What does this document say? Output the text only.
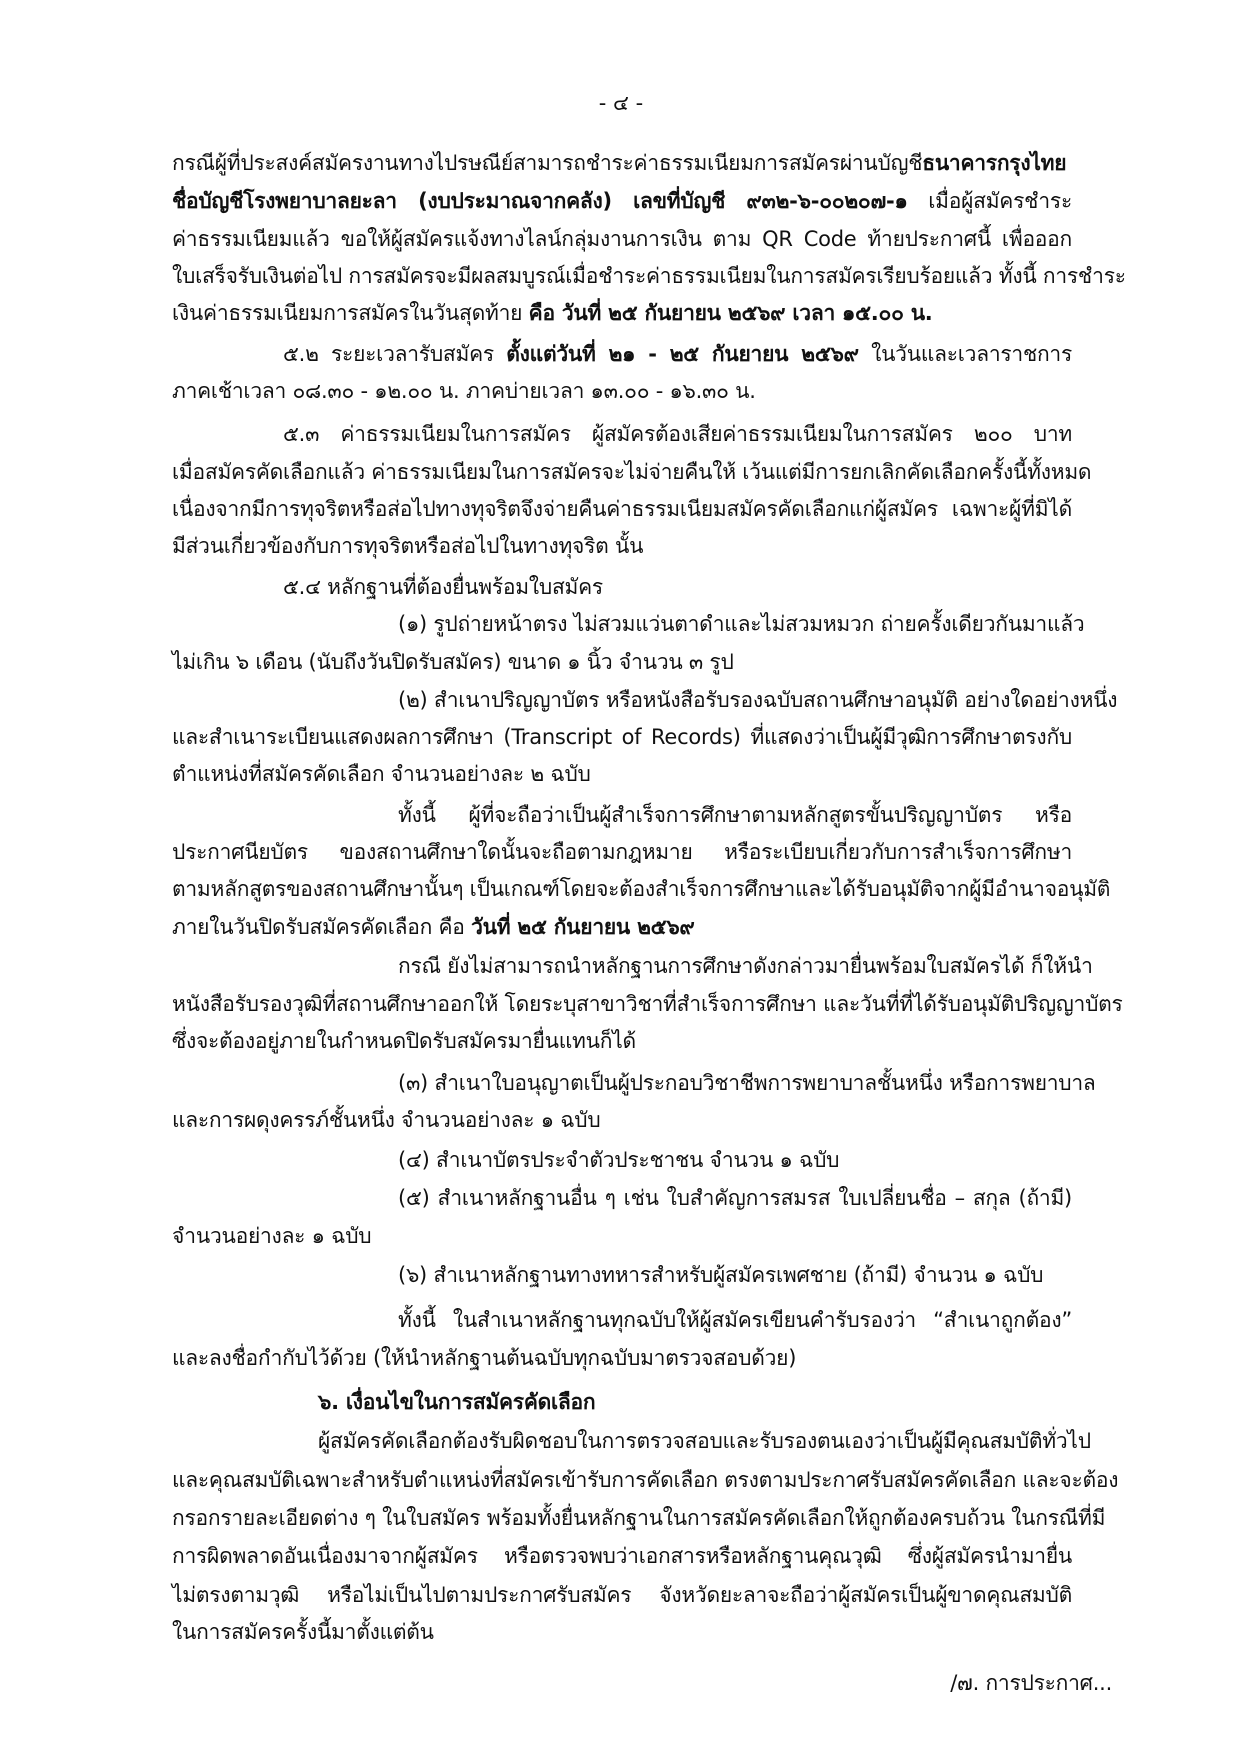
- ๔ -
กรณีผู้ที่ประสงค์สมัครงานทางไปรษณีย์สามารถชำระค่าธรรมเนียมการสมัครผ่านบัญชีธนาคารกรุงไทย
ชื่อบัญชีโรงพยาบาลยะลา (งบประมาณจากคลัง) เลขที่บัญชี ๙๓๒-๖-๐๐๒๐๗-๑ เมื่อผู้สมัครชำระ
ค่าธรรมเนียมแล้ว ขอให้ผู้สมัครแจ้งทางไลน์กลุ่มงานการเงิน ตาม QR Code ท้ายประกาศนี้ เพื่อออก
ใบเสร็จรับเงินต่อไป การสมัครจะมีผลสมบูรณ์เมื่อชำระค่าธรรมเนียมในการสมัครเรียบร้อยแล้ว ทั้งนี้ การชำระ
เงินค่าธรรมเนียมการสมัครในวันสุดท้าย คือ วันที่ ๒๕ กันยายน ๒๕๖๙ เวลา ๑๕.๐๐ น.
๕.๒ ระยะเวลารับสมัคร ตั้งแต่วันที่ ๒๑ - ๒๕ กันยายน ๒๕๖๙ ในวันและเวลาราชการ
ภาคเช้าเวลา ๐๘.๓๐ - ๑๒.๐๐ น. ภาคบ่ายเวลา ๑๓.๐๐ - ๑๖.๓๐ น.
๕.๓ ค่าธรรมเนียมในการสมัคร ผู้สมัครต้องเสียค่าธรรมเนียมในการสมัคร ๒๐๐ บาท
เมื่อสมัครคัดเลือกแล้ว ค่าธรรมเนียมในการสมัครจะไม่จ่ายคืนให้ เว้นแต่มีการยกเลิกคัดเลือกครั้งนี้ทั้งหมด
เนื่องจากมีการทุจริตหรือส่อไปทางทุจริตจึงจ่ายคืนค่าธรรมเนียมสมัครคัดเลือกแก่ผู้สมัคร เฉพาะผู้ที่มิได้
มีส่วนเกี่ยวข้องกับการทุจริตหรือส่อไปในทางทุจริต นั้น
๕.๔ หลักฐานที่ต้องยื่นพร้อมใบสมัคร
(๑) รูปถ่ายหน้าตรง ไม่สวมแว่นตาดำและไม่สวมหมวก ถ่ายครั้งเดียวกันมาแล้ว
ไม่เกิน ๖ เดือน (นับถึงวันปิดรับสมัคร) ขนาด ๑ นิ้ว จำนวน ๓ รูป
(๒) สำเนาปริญญาบัตร หรือหนังสือรับรองฉบับสถานศึกษาอนุมัติ อย่างใดอย่างหนึ่ง
และสำเนาระเบียนแสดงผลการศึกษา (Transcript of Records) ที่แสดงว่าเป็นผู้มีวุฒิการศึกษาตรงกับ
ตำแหน่งที่สมัครคัดเลือก จำนวนอย่างละ ๒ ฉบับ
ทั้งนี้ ผู้ที่จะถือว่าเป็นผู้สำเร็จการศึกษาตามหลักสูตรขั้นปริญญาบัตร หรือ
ประกาศนียบัตร ของสถานศึกษาใดนั้นจะถือตามกฎหมาย หรือระเบียบเกี่ยวกับการสำเร็จการศึกษา
ตามหลักสูตรของสถานศึกษานั้นๆ เป็นเกณฑ์โดยจะต้องสำเร็จการศึกษาและได้รับอนุมัติจากผู้มีอำนาจอนุมัติ
ภายในวันปิดรับสมัครคัดเลือก คือ วันที่ ๒๕ กันยายน ๒๕๖๙
กรณี ยังไม่สามารถนำหลักฐานการศึกษาดังกล่าวมายื่นพร้อมใบสมัครได้ ก็ให้นำ
หนังสือรับรองวุฒิที่สถานศึกษาออกให้ โดยระบุสาขาวิชาที่สำเร็จการศึกษา และวันที่ที่ได้รับอนุมัติปริญญาบัตร
ซึ่งจะต้องอยู่ภายในกำหนดปิดรับสมัครมายื่นแทนก็ได้
(๓) สำเนาใบอนุญาตเป็นผู้ประกอบวิชาชีพการพยาบาลชั้นหนึ่ง หรือการพยาบาล
และการผดุงครรภ์ชั้นหนึ่ง จำนวนอย่างละ ๑ ฉบับ
(๔) สำเนาบัตรประจำตัวประชาชน จำนวน ๑ ฉบับ
(๕) สำเนาหลักฐานอื่น ๆ เช่น ใบสำคัญการสมรส ใบเปลี่ยนชื่อ – สกุล (ถ้ามี)
จำนวนอย่างละ ๑ ฉบับ
(๖) สำเนาหลักฐานทางทหารสำหรับผู้สมัครเพศชาย (ถ้ามี) จำนวน ๑ ฉบับ
ทั้งนี้ ในสำเนาหลักฐานทุกฉบับให้ผู้สมัครเขียนคำรับรองว่า “สำเนาถูกต้อง”
และลงชื่อกำกับไว้ด้วย (ให้นำหลักฐานต้นฉบับทุกฉบับมาตรวจสอบด้วย)
๖. เงื่อนไขในการสมัครคัดเลือก
ผู้สมัครคัดเลือกต้องรับผิดชอบในการตรวจสอบและรับรองตนเองว่าเป็นผู้มีคุณสมบัติทั่วไป
และคุณสมบัติเฉพาะสำหรับตำแหน่งที่สมัครเข้ารับการคัดเลือก ตรงตามประกาศรับสมัครคัดเลือก และจะต้อง
กรอกรายละเอียดต่าง ๆ ในใบสมัคร พร้อมทั้งยื่นหลักฐานในการสมัครคัดเลือกให้ถูกต้องครบถ้วน ในกรณีที่มี
การผิดพลาดอันเนื่องมาจากผู้สมัคร หรือตรวจพบว่าเอกสารหรือหลักฐานคุณวุฒิ ซึ่งผู้สมัครนำมายื่น
ไม่ตรงตามวุฒิ หรือไม่เป็นไปตามประกาศรับสมัคร จังหวัดยะลาจะถือว่าผู้สมัครเป็นผู้ขาดคุณสมบัติ
ในการสมัครครั้งนี้มาตั้งแต่ต้น
/๗. การประกาศ...
